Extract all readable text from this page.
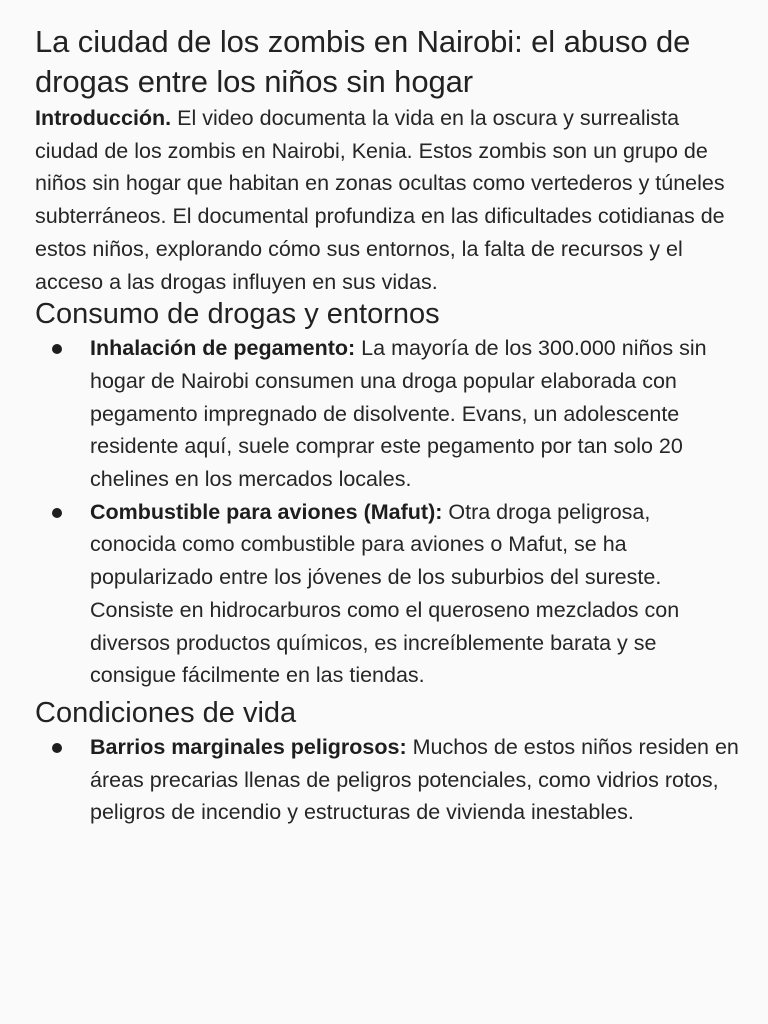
La ciudad de los zombis en Nairobi: el abuso de drogas entre los niños sin hogar

Introducción. El video documenta la vida en la oscura y surrealista ciudad de los zombis en Nairobi, Kenia. Estos zombis son un grupo de niños sin hogar que habitan en zonas ocultas como vertederos y túneles subterráneos. El documental profundiza en las dificultades cotidianas de estos niños, explorando cómo sus entornos, la falta de recursos y el acceso a las drogas influyen en sus vidas.

Consumo de drogas y entornos
Inhalación de pegamento: La mayoría de los 300.000 niños sin hogar de Nairobi consumen una droga popular elaborada con pegamento impregnado de disolvente. Evans, un adolescente residente aquí, suele comprar este pegamento por tan solo 20 chelines en los mercados locales.
Combustible para aviones (Mafut): Otra droga peligrosa, conocida como combustible para aviones o Mafut, se ha popularizado entre los jóvenes de los suburbios del sureste. Consiste en hidrocarburos como el queroseno mezclados con diversos productos químicos, es increíblemente barata y se consigue fácilmente en las tiendas.
Condiciones de vida
Barrios marginales peligrosos: Muchos de estos niños residen en áreas precarias llenas de peligros potenciales, como vidrios rotos, peligros de incendio y estructuras de vivienda inestables.
